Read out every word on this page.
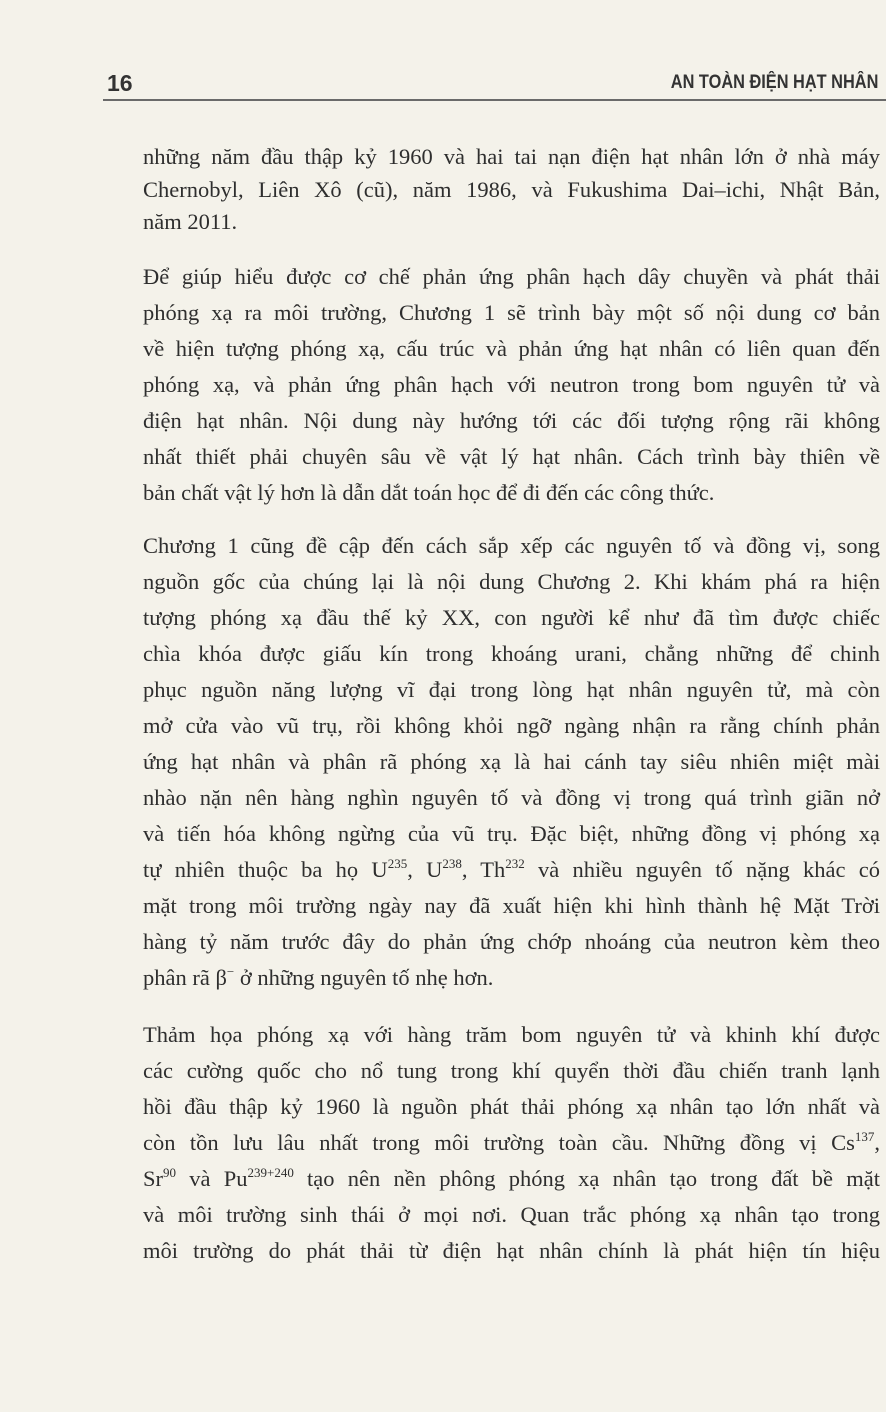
16	AN TOÀN ĐIỆN HẠT NHÂN
những năm đầu thập kỷ 1960 và hai tai nạn điện hạt nhân lớn ở nhà máy
Chernobyl, Liên Xô (cũ), năm 1986, và Fukushima Dai–ichi, Nhật Bản,
năm 2011.
Để giúp hiểu được cơ chế phản ứng phân hạch dây chuyền và phát thải
phóng xạ ra môi trường, Chương 1 sẽ trình bày một số nội dung cơ bản
về hiện tượng phóng xạ, cấu trúc và phản ứng hạt nhân có liên quan đến
phóng xạ, và phản ứng phân hạch với neutron trong bom nguyên tử và
điện hạt nhân. Nội dung này hướng tới các đối tượng rộng rãi không
nhất thiết phải chuyên sâu về vật lý hạt nhân. Cách trình bày thiên về
bản chất vật lý hơn là dẫn dắt toán học để đi đến các công thức.
Chương 1 cũng đề cập đến cách sắp xếp các nguyên tố và đồng vị, song
nguồn gốc của chúng lại là nội dung Chương 2. Khi khám phá ra hiện
tượng phóng xạ đầu thế kỷ XX, con người kể như đã tìm được chiếc
chìa khóa được giấu kín trong khoáng urani, chẳng những để chinh
phục nguồn năng lượng vĩ đại trong lòng hạt nhân nguyên tử, mà còn
mở cửa vào vũ trụ, rồi không khỏi ngỡ ngàng nhận ra rằng chính phản
ứng hạt nhân và phân rã phóng xạ là hai cánh tay siêu nhiên miệt mài
nhào nặn nên hàng nghìn nguyên tố và đồng vị trong quá trình giãn nở
và tiến hóa không ngừng của vũ trụ. Đặc biệt, những đồng vị phóng xạ
tự nhiên thuộc ba họ $U^{235}$, $U^{238}$, Th$^{232}$ và nhiều nguyên tố nặng khác có
mặt trong môi trường ngày nay đã xuất hiện khi hình thành hệ Mặt Trời
hàng tỷ năm trước đây do phản ứng chớp nhoáng của neutron kèm theo
phân rã β− ở những nguyên tố nhẹ hơn.
Thảm họa phóng xạ với hàng trăm bom nguyên tử và khinh khí được
các cường quốc cho nổ tung trong khí quyển thời đầu chiến tranh lạnh
hồi đầu thập kỷ 1960 là nguồn phát thải phóng xạ nhân tạo lớn nhất và
còn tồn lưu lâu nhất trong môi trường toàn cầu. Những đồng vị Cs$^{137}$,
Sr$^{90}$ và $Pu^{239+240}$ tạo nên nền phông phóng xạ nhân tạo trong đất bề mặt
và môi trường sinh thái ở mọi nơi. Quan trắc phóng xạ nhân tạo trong
môi trường do phát thải từ điện hạt nhân chính là phát hiện tín hiệu
